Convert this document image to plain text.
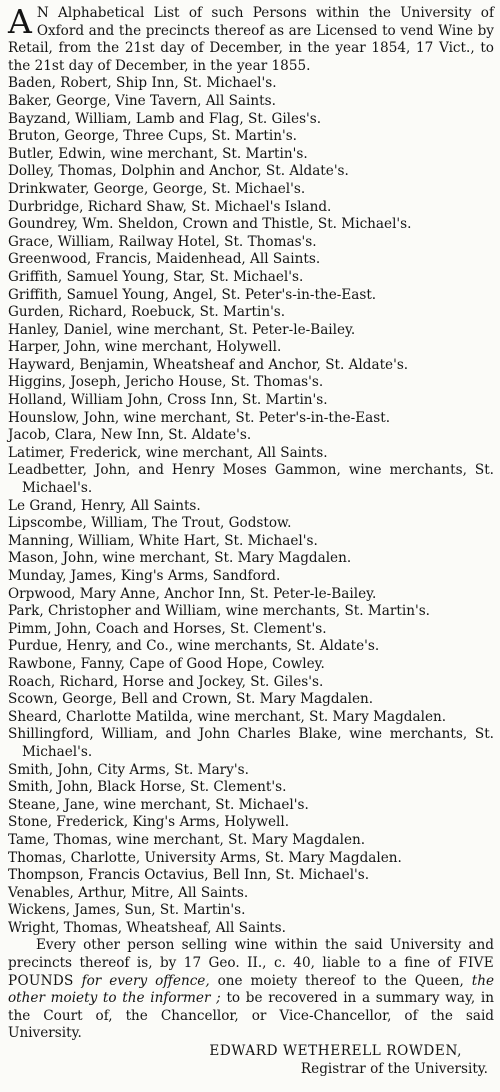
A N Alphabetical List of such Persons within the University of Oxford and the precincts thereof as are Licensed to vend Wine by Retail, from the 21st day of December, in the year 1854, 17 Vict., to the 21st day of December, in the year 1855.

Baden, Robert, Ship Inn, St. Michael's.
Baker, George, Vine Tavern, All Saints.
Bayzand, William, Lamb and Flag, St. Giles's.
Bruton, George, Three Cups, St. Martin's.
Butler, Edwin, wine merchant, St. Martin's.
Dolley, Thomas, Dolphin and Anchor, St. Aldate's.
Drinkwater, George, George, St. Michael's.
Durbridge, Richard Shaw, St. Michael's Island.
Goundrey, Wm. Sheldon, Crown and Thistle, St. Michael's.
Grace, William, Railway Hotel, St. Thomas's.
Greenwood, Francis, Maidenhead, All Saints.
Griffith, Samuel Young, Star, St. Michael's.
Griffith, Samuel Young, Angel, St. Peter's-in-the-East.
Gurden, Richard, Roebuck, St. Martin's.
Hanley, Daniel, wine merchant, St. Peter-le-Bailey.
Harper, John, wine merchant, Holywell.
Hayward, Benjamin, Wheatsheaf and Anchor, St. Aldate's.
Higgins, Joseph, Jericho House, St. Thomas's.
Holland, William John, Cross Inn, St. Martin's.
Hounslow, John, wine merchant, St. Peter's-in-the-East.
Jacob, Clara, New Inn, St. Aldate's.
Latimer, Frederick, wine merchant, All Saints.
Leadbetter, John, and Henry Moses Gammon, wine merchants, St. Michael's.
Le Grand, Henry, All Saints.
Lipscombe, William, The Trout, Godstow.
Manning, William, White Hart, St. Michael's.
Mason, John, wine merchant, St. Mary Magdalen.
Munday, James, King's Arms, Sandford.
Orpwood, Mary Anne, Anchor Inn, St. Peter-le-Bailey.
Park, Christopher and William, wine merchants, St. Martin's.
Pimm, John, Coach and Horses, St. Clement's.
Purdue, Henry, and Co., wine merchants, St. Aldate's.
Rawbone, Fanny, Cape of Good Hope, Cowley.
Roach, Richard, Horse and Jockey, St. Giles's.
Scown, George, Bell and Crown, St. Mary Magdalen.
Sheard, Charlotte Matilda, wine merchant, St. Mary Magdalen.
Shillingford, William, and John Charles Blake, wine merchants, St. Michael's.
Smith, John, City Arms, St. Mary's.
Smith, John, Black Horse, St. Clement's.
Steane, Jane, wine merchant, St. Michael's.
Stone, Frederick, King's Arms, Holywell.
Tame, Thomas, wine merchant, St. Mary Magdalen.
Thomas, Charlotte, University Arms, St. Mary Magdalen.
Thompson, Francis Octavius, Bell Inn, St. Michael's.
Venables, Arthur, Mitre, All Saints.
Wickens, James, Sun, St. Martin's.
Wright, Thomas, Wheatsheaf, All Saints.

Every other person selling wine within the said University and precincts thereof is, by 17 Geo. II., c. 40, liable to a fine of FIVE POUNDS for every offence, one moiety thereof to the Queen, the other moiety to the informer ; to be recovered in a summary way, in the Court of, the Chancellor, or Vice-Chancellor, of the said University.

EDWARD WETHERELL ROWDEN,

Registrar of the University.
